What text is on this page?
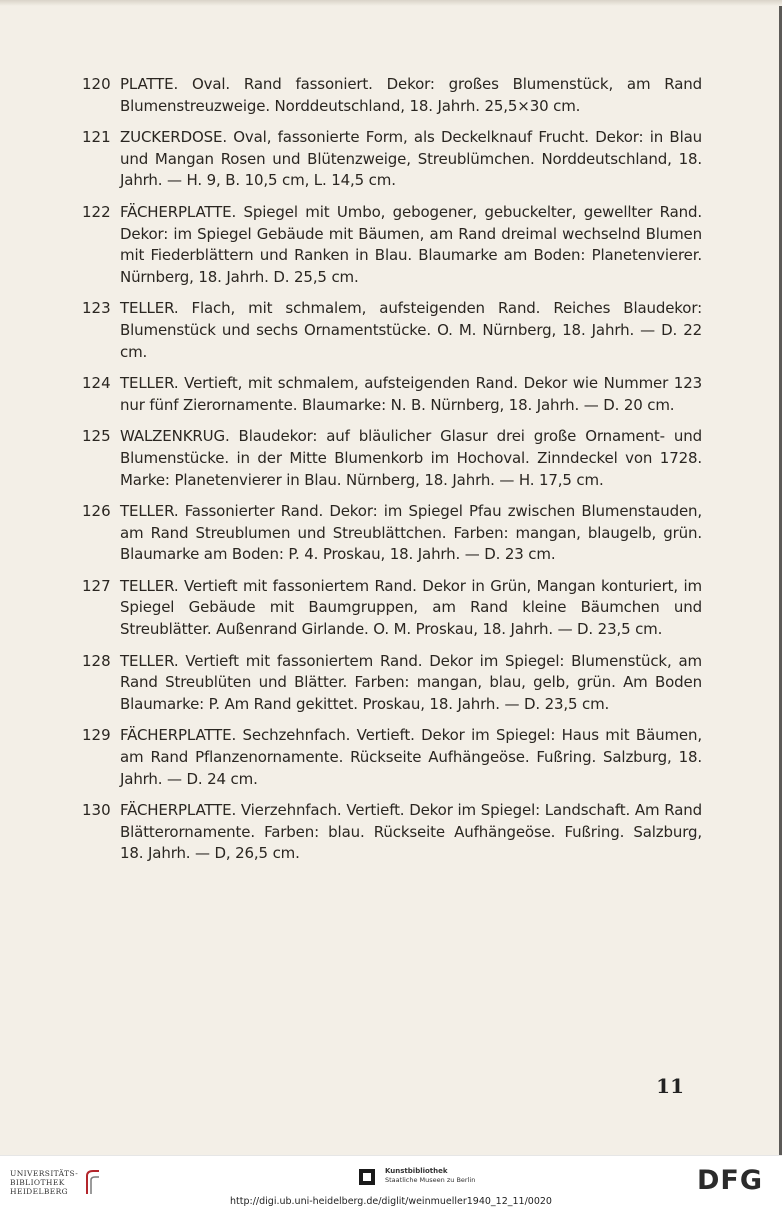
120 PLATTE. Oval. Rand fassoniert. Dekor: großes Blumenstück, am Rand Blumenstreuzweige. Norddeutschland, 18. Jahrh. 25,5×30 cm.
121 ZUCKERDOSE. Oval, fassonierte Form, als Deckelknauf Frucht. Dekor: in Blau und Mangan Rosen und Blütenzweige, Streublümchen. Norddeutschland, 18. Jahrh. — H. 9, B. 10,5 cm, L. 14,5 cm.
122 FÄCHERPLATTE. Spiegel mit Umbo, gebogener, gebuckelter, gewellter Rand. Dekor: im Spiegel Gebäude mit Bäumen, am Rand dreimal wechselnd Blumen mit Fiederblättern und Ranken in Blau. Blaumarke am Boden: Planetenvierer. Nürnberg, 18. Jahrh. D. 25,5 cm.
123 TELLER. Flach, mit schmalem, aufsteigenden Rand. Reiches Blaudekor: Blumenstück und sechs Ornamentstücke. O. M. Nürnberg, 18. Jahrh. — D. 22 cm.
124 TELLER. Vertieft, mit schmalem, aufsteigenden Rand. Dekor wie Nummer 123 nur fünf Zierornamente. Blaumarke: N. B. Nürnberg, 18. Jahrh. — D. 20 cm.
125 WALZENKRUG. Blaudekor: auf bläulicher Glasur drei große Ornament- und Blumenstücke. in der Mitte Blumenkorb im Hochoval. Zinndeckel von 1728. Marke: Planetenvierer in Blau. Nürnberg, 18. Jahrh. — H. 17,5 cm.
126 TELLER. Fassonierter Rand. Dekor: im Spiegel Pfau zwischen Blumenstauden, am Rand Streublumen und Streublättchen. Farben: mangan, blaugelb, grün. Blaumarke am Boden: P. 4. Proskau, 18. Jahrh. — D. 23 cm.
127 TELLER. Vertieft mit fassoniertem Rand. Dekor in Grün, Mangan konturiert, im Spiegel Gebäude mit Baumgruppen, am Rand kleine Bäumchen und Streublätter. Außenrand Girlande. O. M. Proskau, 18. Jahrh. — D. 23,5 cm.
128 TELLER. Vertieft mit fassoniertem Rand. Dekor im Spiegel: Blumenstück, am Rand Streublüten und Blätter. Farben: mangan, blau, gelb, grün. Am Boden Blaumarke: P. Am Rand gekittet. Proskau, 18. Jahrh. — D. 23,5 cm.
129 FÄCHERPLATTE. Sechzehnfach. Vertieft. Dekor im Spiegel: Haus mit Bäumen, am Rand Pflanzenornamente. Rückseite Aufhängeöse. Fußring. Salzburg, 18. Jahrh. — D. 24 cm.
130 FÄCHERPLATTE. Vierzehnfach. Vertieft. Dekor im Spiegel: Landschaft. Am Rand Blätterornamente. Farben: blau. Rückseite Aufhängeöse. Fußring. Salzburg, 18. Jahrh. — D, 26,5 cm.
11
UNIVERSITÄTS-
BIBLIOTHEK
HEIDELBERG
Kunstbibliothek
Staatliche Museen zu Berlin	DFG
http://digi.ub.uni-heidelberg.de/diglit/weinmueller1940_12_11/0020
